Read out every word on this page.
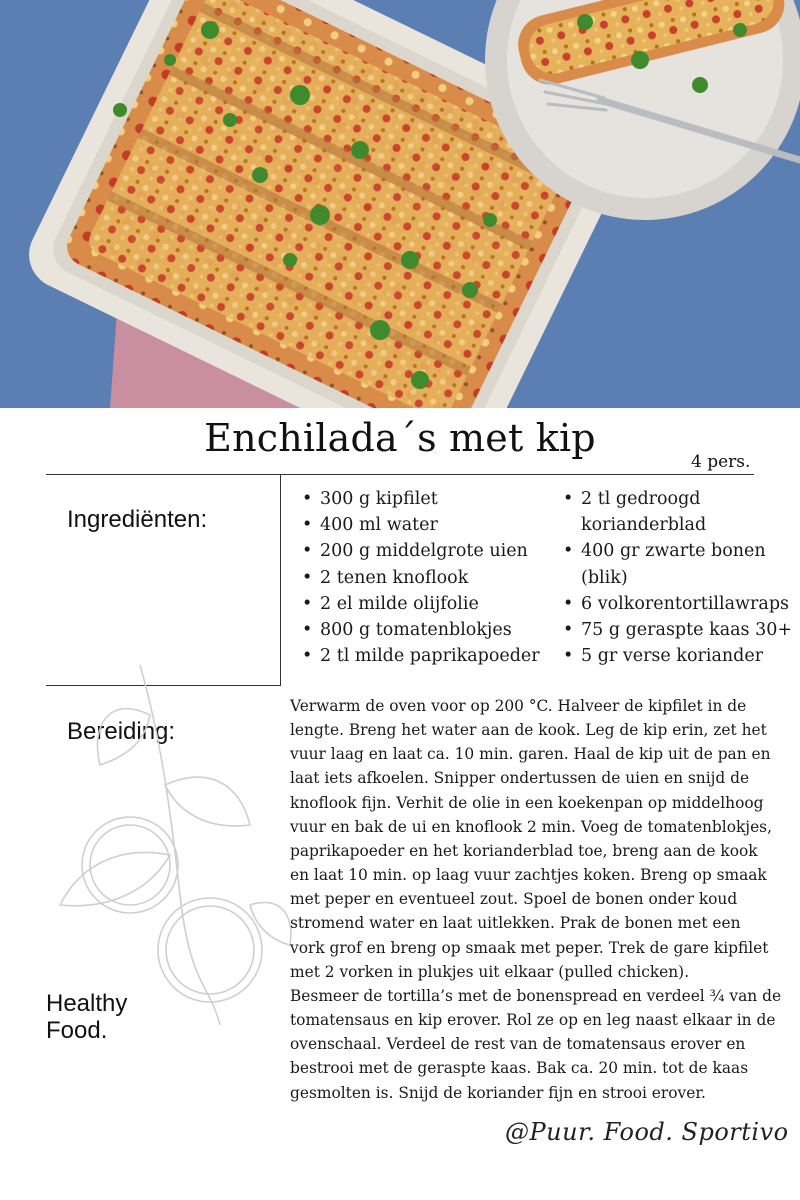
Enchilada´s met kip
4 pers.
Ingrediënten:
• 300 g kipfilet
• 400 ml water
• 200 g middelgrote uien
• 2 tenen knoflook
• 2 el milde olijfolie
• 800 g tomatenblokjes
• 2 tl milde paprikapoeder
• 2 tl gedroogd korianderblad
• 400 gr zwarte bonen (blik)
• 6 volkorentortillawraps
• 75 g geraspte kaas 30+
• 5 gr verse koriander
Bereiding:

Verwarm de oven voor op 200 °C. Halveer de kipfilet in de

lengte. Breng het water aan de kook. Leg de kip erin, zet het

vuur laag en laat ca. 10 min. garen. Haal de kip uit de pan en

laat iets afkoelen. Snipper ondertussen de uien en snijd de

knoflook fijn. Verhit de olie in een koekenpan op middelhoog

vuur en bak de ui en knoflook 2 min. Voeg de tomatenblokjes,

paprikapoeder en het korianderblad toe, breng aan de kook

en laat 10 min. op laag vuur zachtjes koken. Breng op smaak

met peper en eventueel zout. Spoel de bonen onder koud

stromend water en laat uitlekken. Prak de bonen met een

vork grof en breng op smaak met peper. Trek de gare kipfilet

met 2 vorken in plukjes uit elkaar (pulled chicken).

Besmeer de tortilla’s met de bonenspread en verdeel ¾ van de

tomatensaus en kip erover. Rol ze op en leg naast elkaar in de

ovenschaal. Verdeel de rest van de tomatensaus erover en

bestrooi met de geraspte kaas. Bak ca. 20 min. tot de kaas

gesmolten is. Snijd de koriander fijn en strooi erover.

Healthy
Food.
@Puur. Food. Sportivo
